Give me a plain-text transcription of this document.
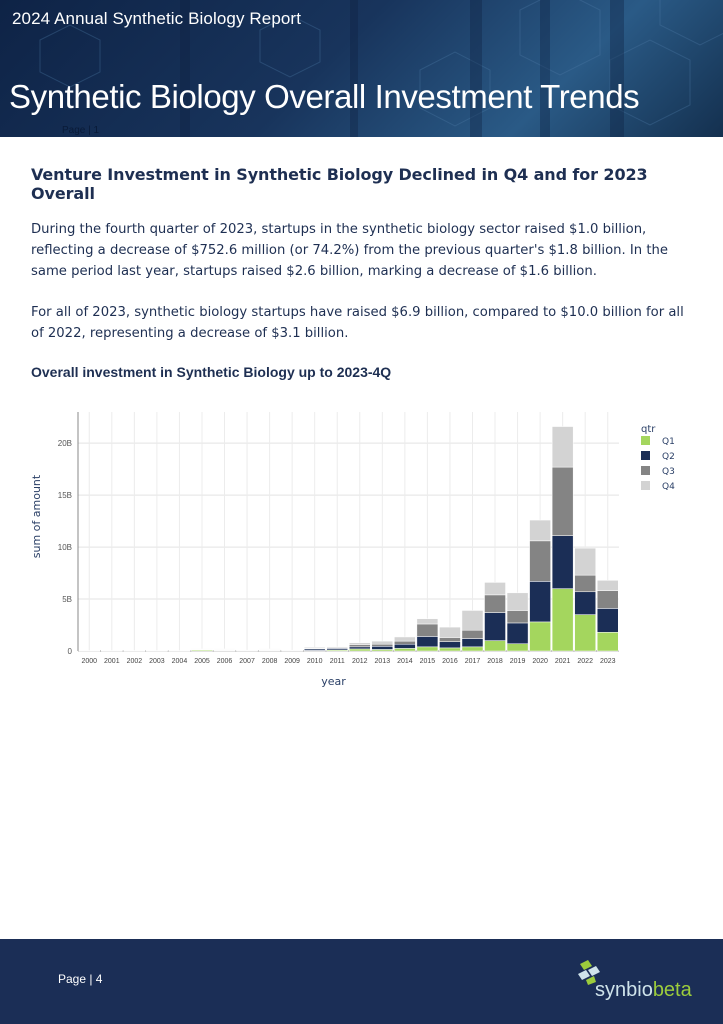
2024 Annual Synthetic Biology Report
Page | 1
Synthetic Biology Overall Investment Trends
Venture Investment in Synthetic Biology Declined in Q4 and for 2023 Overall

During the fourth quarter of 2023, startups in the synthetic biology sector raised $1.0 billion, reflecting a decrease of $752.6 million (or 74.2%) from the previous quarter's $1.8 billion. In the same period last year, startups raised $2.6 billion, marking a decrease of $1.6 billion.

For all of 2023, synthetic biology startups have raised $6.9 billion, compared to $10.0 billion for all of 2022, representing a decrease of $3.1 billion.

Overall investment in Synthetic Biology up to 2023-4Q
0
5B
10B
15B
20B
2000 2001 2002 2003 2004 2005 2006 2007 2008 2009 2010 2011 2012 2013 2014 2015 2016 2017 2018 2019 2020 2021 2022 2023
year
sum of amount
qtr
Q1
Q2
Q3
Q4
Page | 4	synbiobeta
